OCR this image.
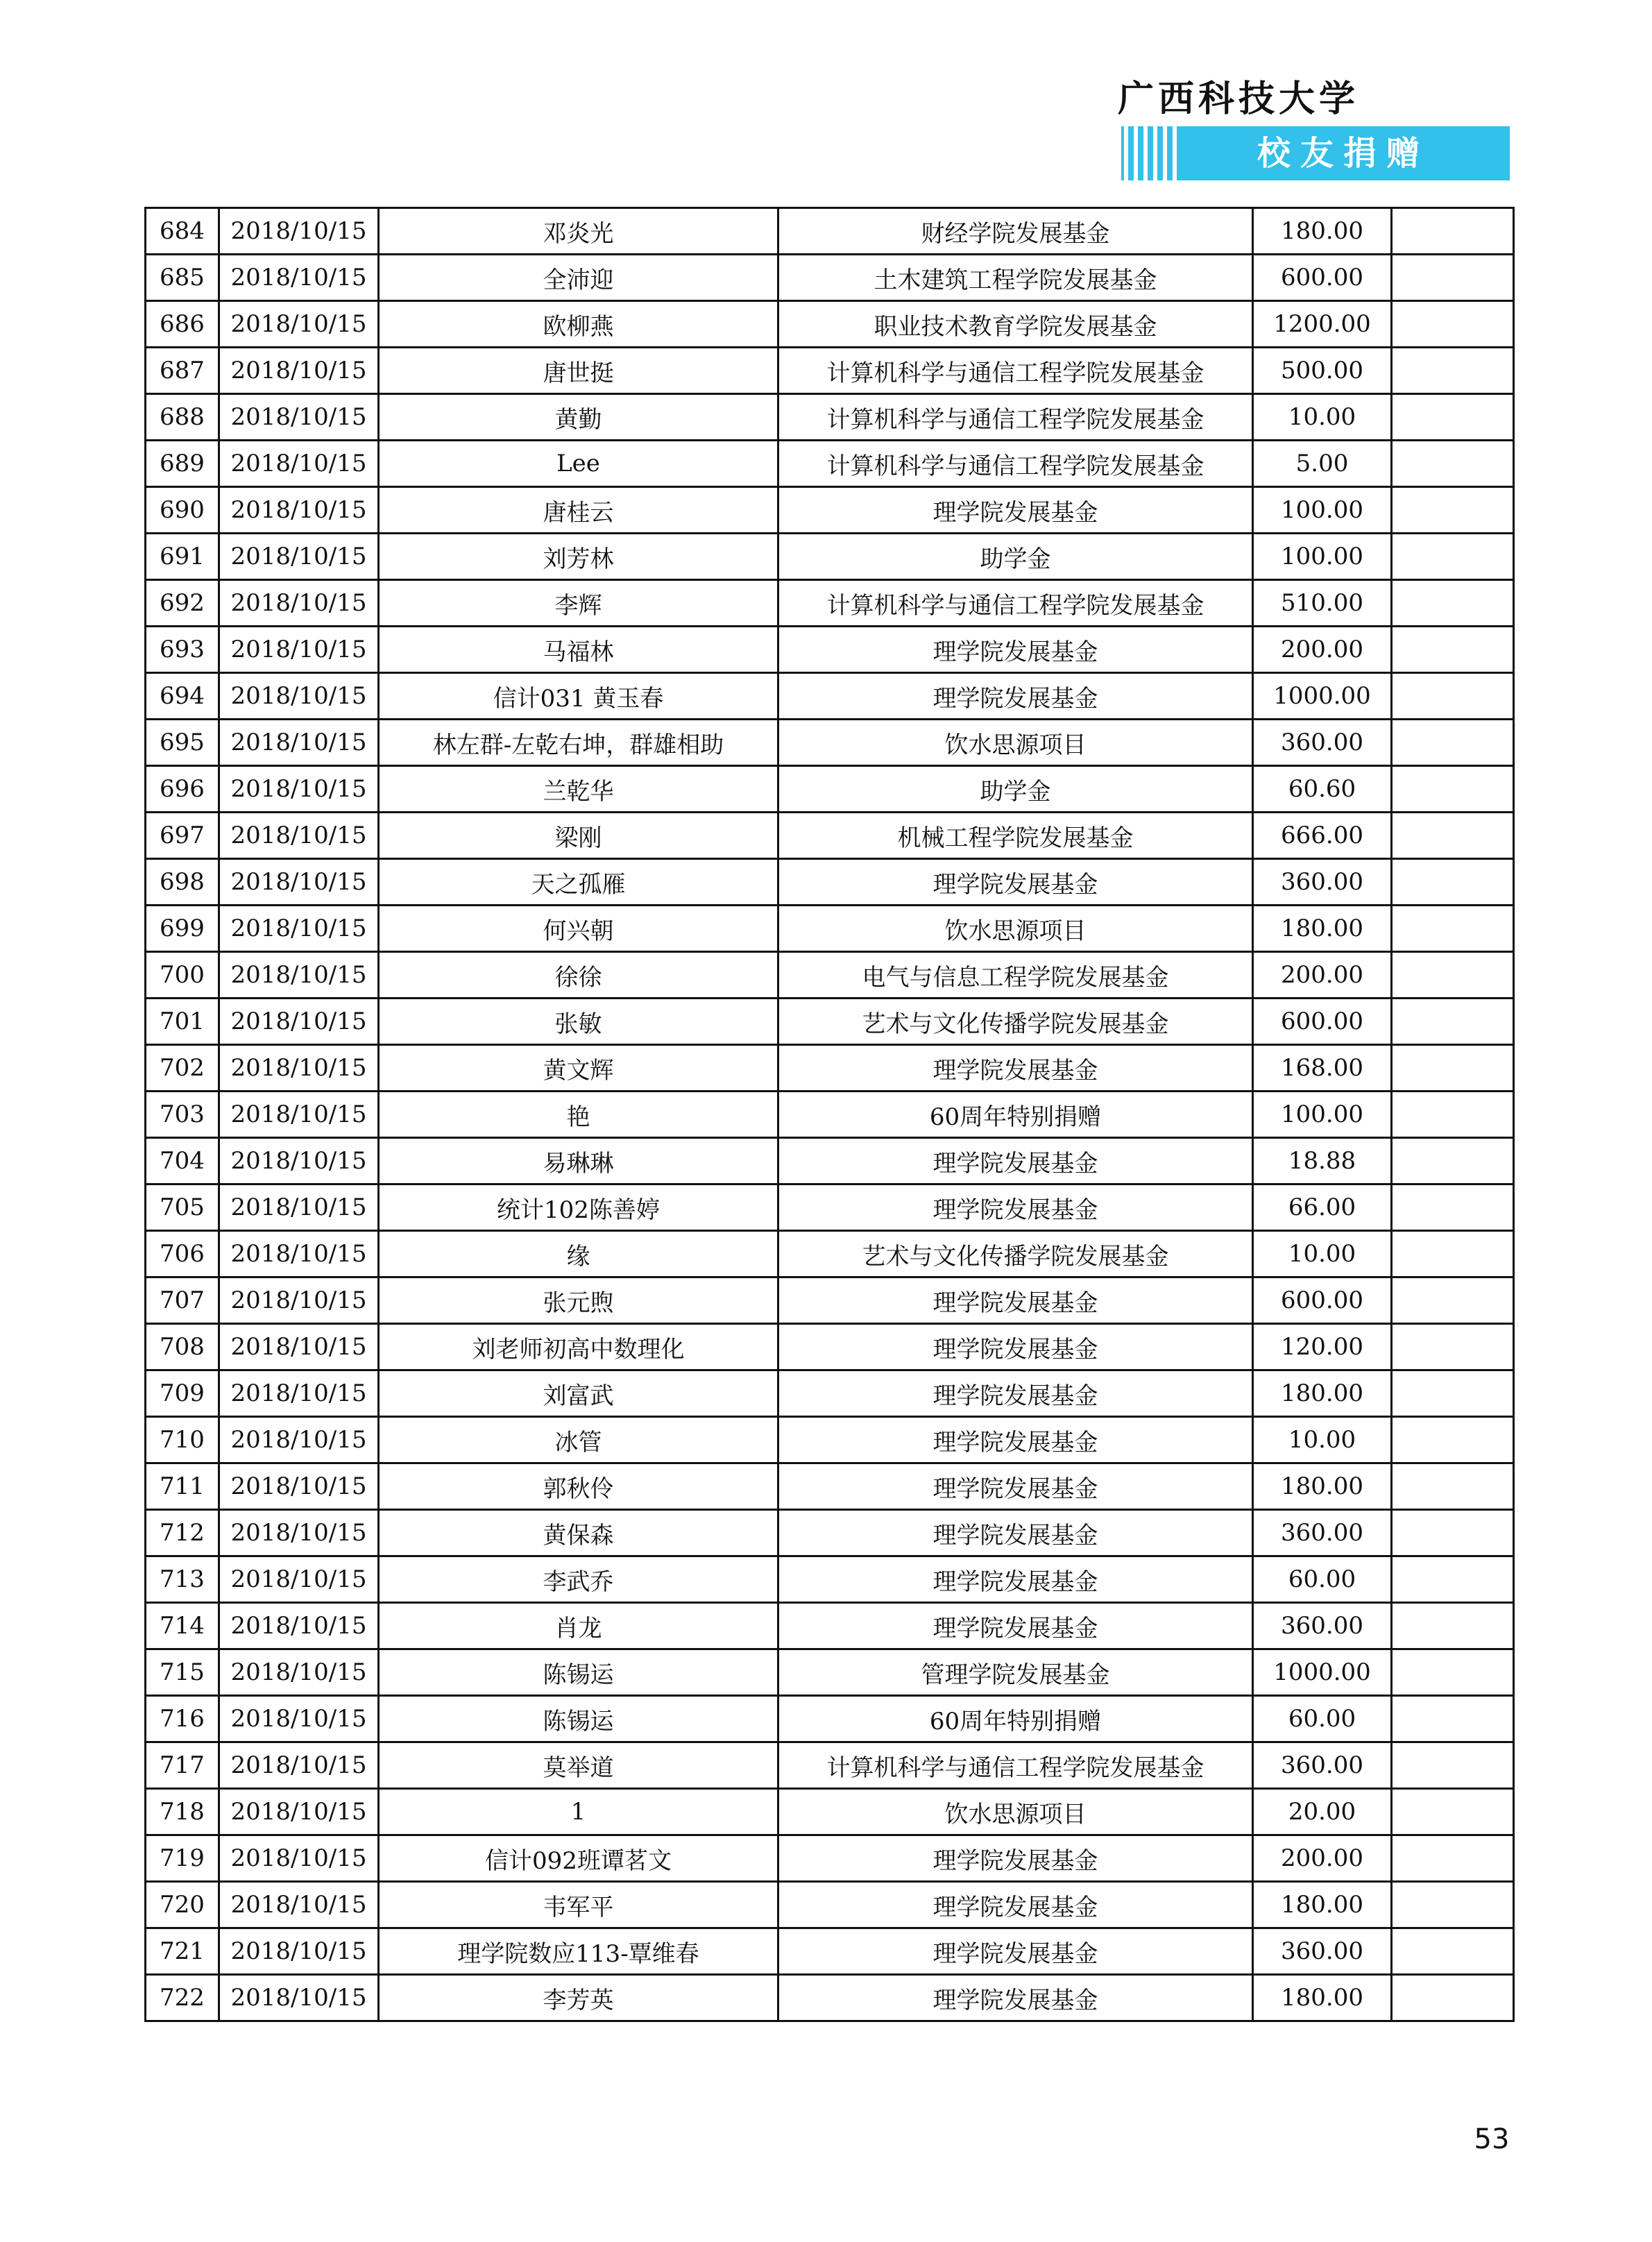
广西科技大学
校友捐赠
684	2018/10/15	邓炎光	财经学院发展基金	180.00	
685	2018/10/15	全沛迎	土木建筑工程学院发展基金	600.00	
686	2018/10/15	欧柳燕	职业技术教育学院发展基金	1200.00	
687	2018/10/15	唐世挺	计算机科学与通信工程学院发展基金	500.00	
688	2018/10/15	黄勤	计算机科学与通信工程学院发展基金	10.00	
689	2018/10/15	Lee	计算机科学与通信工程学院发展基金	5.00	
690	2018/10/15	唐桂云	理学院发展基金	100.00	
691	2018/10/15	刘芳林	助学金	100.00	
692	2018/10/15	李辉	计算机科学与通信工程学院发展基金	510.00	
693	2018/10/15	马福林	理学院发展基金	200.00	
694	2018/10/15	信计031 黄玉春	理学院发展基金	1000.00	
695	2018/10/15	林左群-左乾右坤，群雄相助	饮水思源项目	360.00	
696	2018/10/15	兰乾华	助学金	60.60	
697	2018/10/15	梁刚	机械工程学院发展基金	666.00	
698	2018/10/15	天之孤雁	理学院发展基金	360.00	
699	2018/10/15	何兴朝	饮水思源项目	180.00	
700	2018/10/15	徐徐	电气与信息工程学院发展基金	200.00	
701	2018/10/15	张敏	艺术与文化传播学院发展基金	600.00	
702	2018/10/15	黄文辉	理学院发展基金	168.00	
703	2018/10/15	艳	60周年特别捐赠	100.00	
704	2018/10/15	易琳琳	理学院发展基金	18.88	
705	2018/10/15	统计102陈善婷	理学院发展基金	66.00	
706	2018/10/15	缘	艺术与文化传播学院发展基金	10.00	
707	2018/10/15	张元煦	理学院发展基金	600.00	
708	2018/10/15	刘老师初高中数理化	理学院发展基金	120.00	
709	2018/10/15	刘富武	理学院发展基金	180.00	
710	2018/10/15	冰管	理学院发展基金	10.00	
711	2018/10/15	郭秋伶	理学院发展基金	180.00	
712	2018/10/15	黄保森	理学院发展基金	360.00	
713	2018/10/15	李武乔	理学院发展基金	60.00	
714	2018/10/15	肖龙	理学院发展基金	360.00	
715	2018/10/15	陈锡运	管理学院发展基金	1000.00	
716	2018/10/15	陈锡运	60周年特别捐赠	60.00	
717	2018/10/15	莫举道	计算机科学与通信工程学院发展基金	360.00	
718	2018/10/15	1	饮水思源项目	20.00	
719	2018/10/15	信计092班谭茗文	理学院发展基金	200.00	
720	2018/10/15	韦军平	理学院发展基金	180.00	
721	2018/10/15	理学院数应113-覃维春	理学院发展基金	360.00	
722	2018/10/15	李芳英	理学院发展基金	180.00	
53
